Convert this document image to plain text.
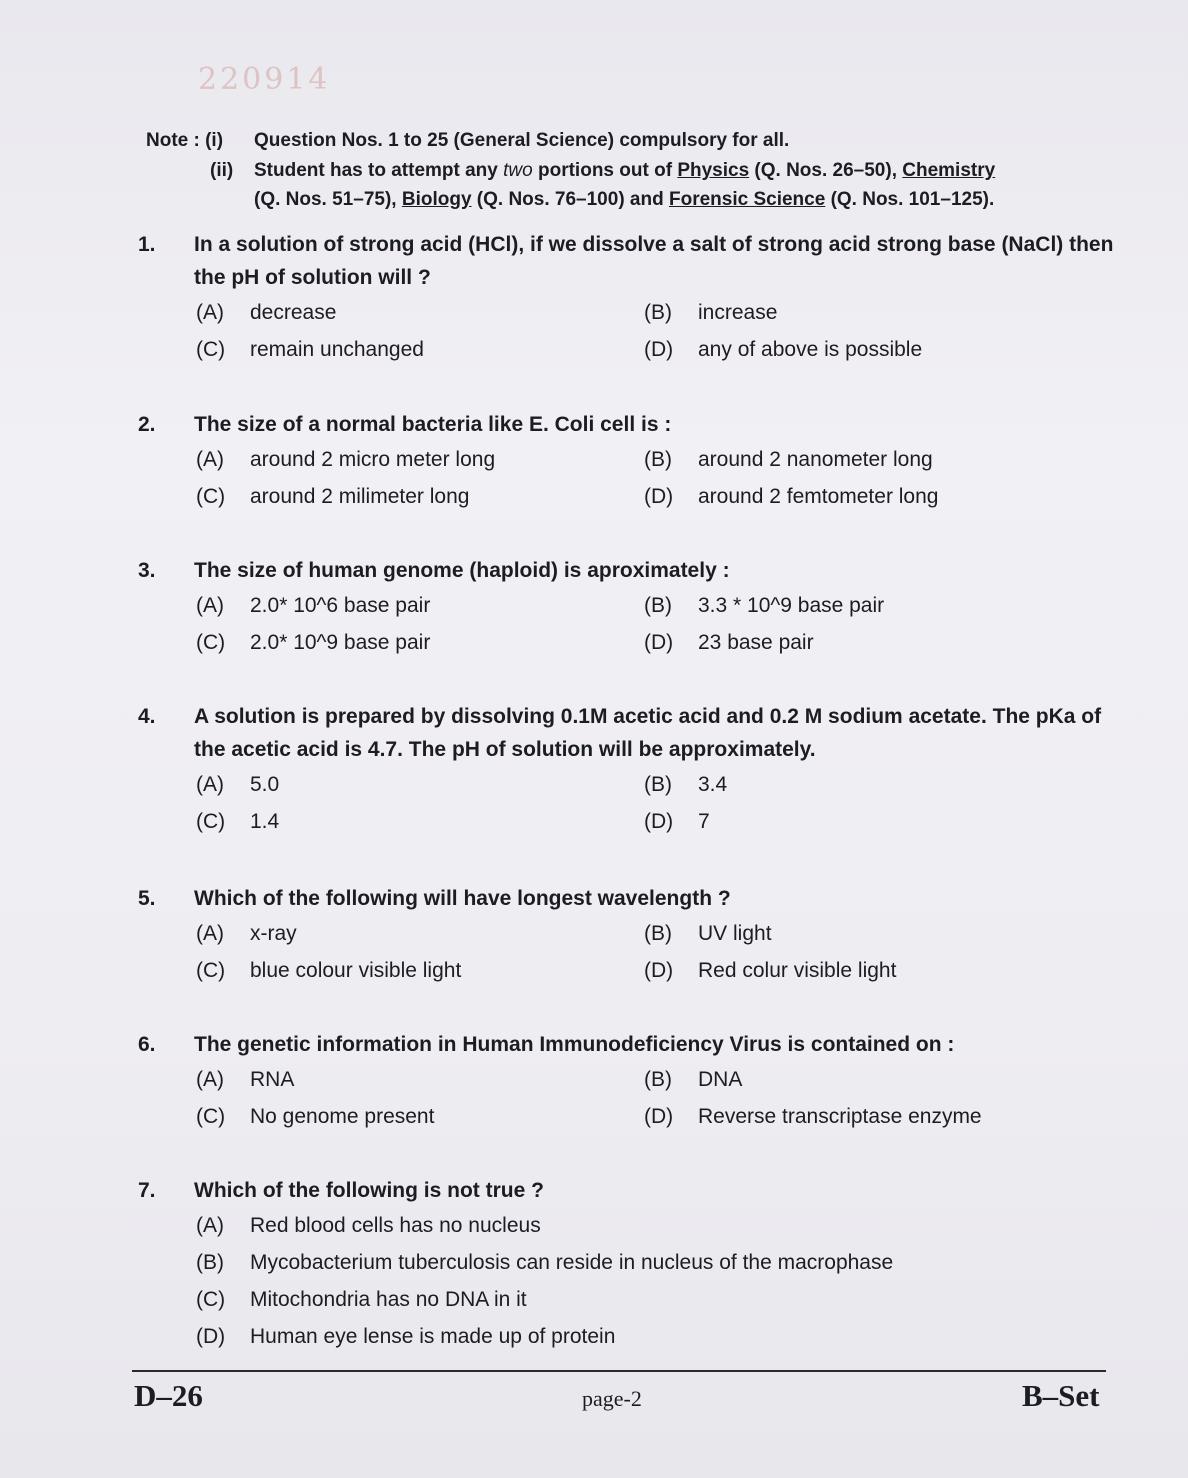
220914
Note : (i)	Question Nos. 1 to 25 (General Science) compulsory for all.
(ii)	Student has to attempt any two portions out of Physics (Q. Nos. 26–50), Chemistry
(Q. Nos. 51–75), Biology (Q. Nos. 76–100) and Forensic Science (Q. Nos. 101–125).
1.	In a solution of strong acid (HCl), if we dissolve a salt of strong acid strong base (NaCl) then the pH of solution will ?
(A)	decrease	(B)	increase
(C)	remain unchanged	(D)	any of above is possible
2.	The size of a normal bacteria like E. Coli cell is :
(A)	around 2 micro meter long	(B)	around 2 nanometer long
(C)	around 2 milimeter long	(D)	around 2 femtometer long
3.	The size of human genome (haploid) is aproximately :
(A)	2.0* 10^6 base pair	(B)	3.3 * 10^9 base pair
(C)	2.0* 10^9 base pair	(D)	23 base pair
4.	A solution is prepared by dissolving 0.1M acetic acid and 0.2 M sodium acetate. The pKa of the acetic acid is 4.7. The pH of solution will be approximately.
(A)	5.0	(B)	3.4
(C)	1.4	(D)	7
5.	Which of the following will have longest wavelength ?
(A)	x-ray	(B)	UV light
(C)	blue colour visible light	(D)	Red colur visible light
6.	The genetic information in Human Immunodeficiency Virus is contained on :
(A)	RNA	(B)	DNA
(C)	No genome present	(D)	Reverse transcriptase enzyme
7.	Which of the following is not true ?
(A)	Red blood cells has no nucleus
(B)	Mycobacterium tuberculosis can reside in nucleus of the macrophase
(C)	Mitochondria has no DNA in it
(D)	Human eye lense is made up of protein
D–26	page-2	B–Set
